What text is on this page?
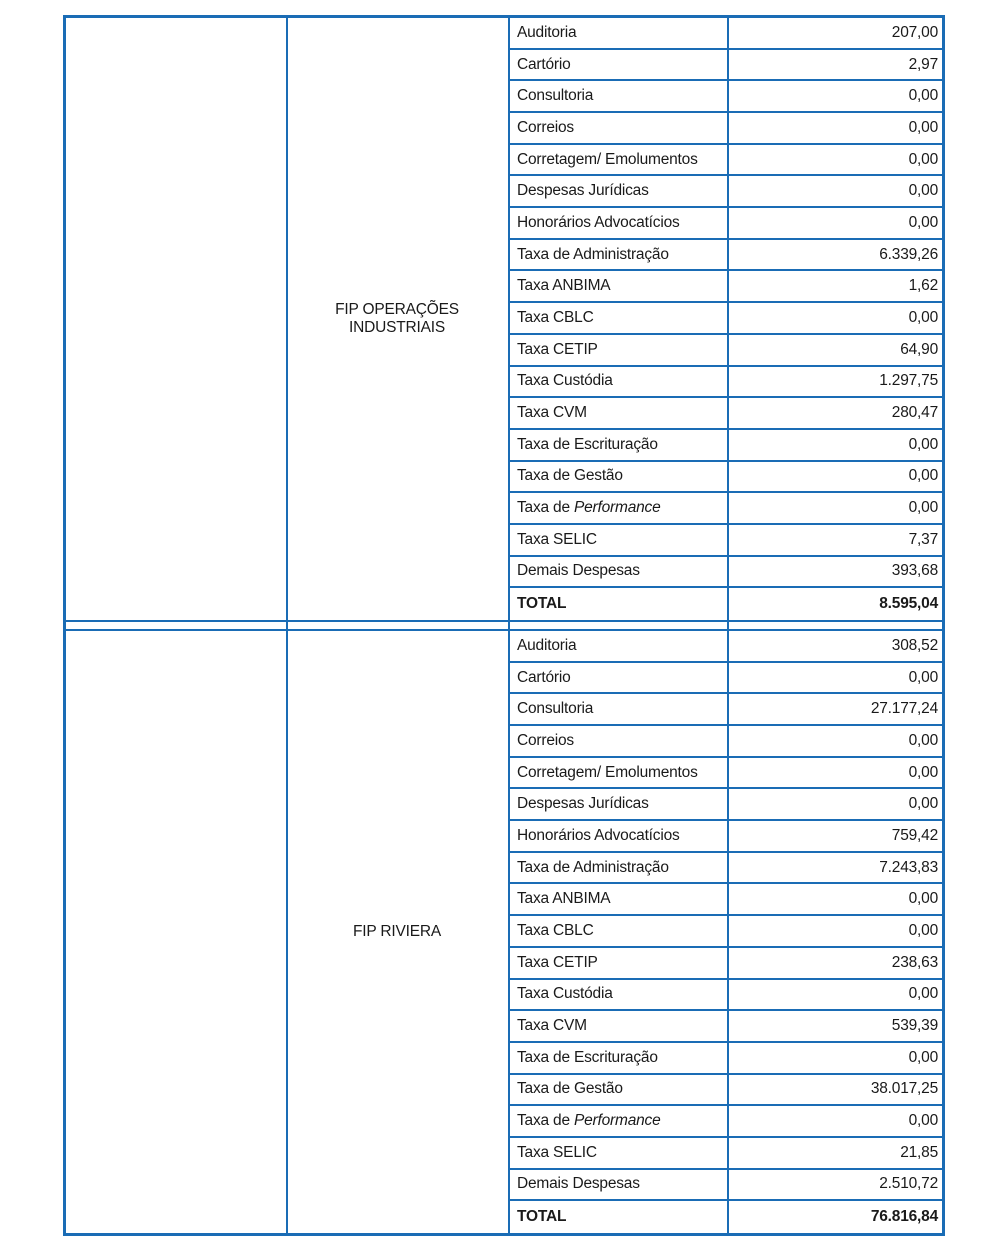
FIP OPERAÇÕES INDUSTRIAIS
Auditoria	207,00
Cartório	2,97
Consultoria	0,00
Correios	0,00
Corretagem/ Emolumentos	0,00
Despesas Jurídicas	0,00
Honorários Advocatícios	0,00
Taxa de Administração	6.339,26
Taxa ANBIMA	1,62
Taxa CBLC	0,00
Taxa CETIP	64,90
Taxa Custódia	1.297,75
Taxa CVM	280,47
Taxa de Escrituração	0,00
Taxa de Gestão	0,00
Taxa de Performance	0,00
Taxa SELIC	7,37
Demais Despesas	393,68
TOTAL	8.595,04
FIP RIVIERA
Auditoria	308,52
Cartório	0,00
Consultoria	27.177,24
Correios	0,00
Corretagem/ Emolumentos	0,00
Despesas Jurídicas	0,00
Honorários Advocatícios	759,42
Taxa de Administração	7.243,83
Taxa ANBIMA	0,00
Taxa CBLC	0,00
Taxa CETIP	238,63
Taxa Custódia	0,00
Taxa CVM	539,39
Taxa de Escrituração	0,00
Taxa de Gestão	38.017,25
Taxa de Performance	0,00
Taxa SELIC	21,85
Demais Despesas	2.510,72
TOTAL	76.816,84
